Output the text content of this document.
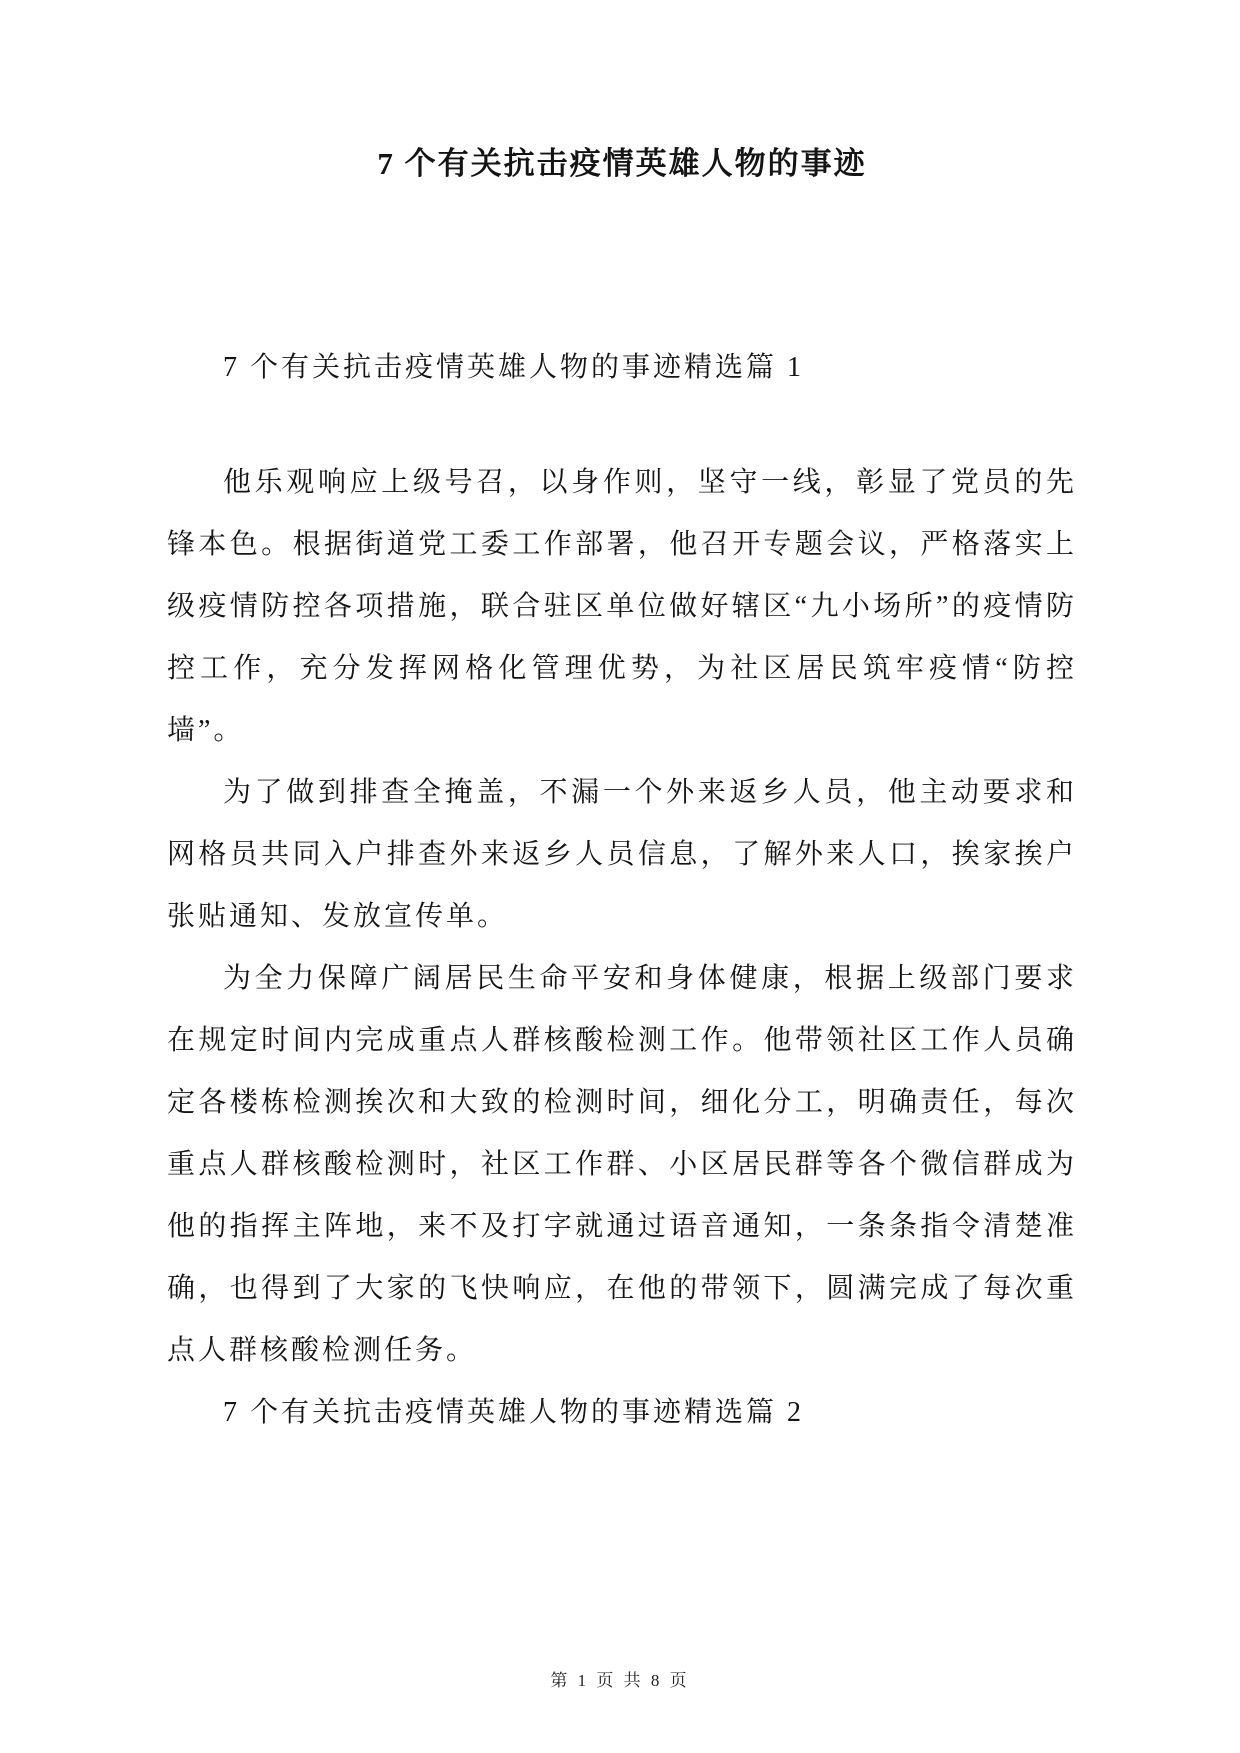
7 个有关抗击疫情英雄人物的事迹
7 个有关抗击疫情英雄人物的事迹精选篇 1

他乐观响应上级号召，以身作则，坚守一线，彰显了党员的先锋本色。根据街道党工委工作部署，他召开专题会议，严格落实上级疫情防控各项措施，联合驻区单位做好辖区“九小场所”的疫情防控工作，充分发挥网格化管理优势，为社区居民筑牢疫情“防控墙”。

为了做到排查全掩盖，不漏一个外来返乡人员，他主动要求和网格员共同入户排查外来返乡人员信息，了解外来人口，挨家挨户张贴通知、发放宣传单。

为全力保障广阔居民生命平安和身体健康，根据上级部门要求在规定时间内完成重点人群核酸检测工作。他带领社区工作人员确定各楼栋检测挨次和大致的检测时间，细化分工，明确责任，每次重点人群核酸检测时，社区工作群、小区居民群等各个微信群成为他的指挥主阵地，来不及打字就通过语音通知，一条条指令清楚准确，也得到了大家的飞快响应，在他的带领下，圆满完成了每次重点人群核酸检测任务。

7 个有关抗击疫情英雄人物的事迹精选篇 2

第 1 页 共 8 页
